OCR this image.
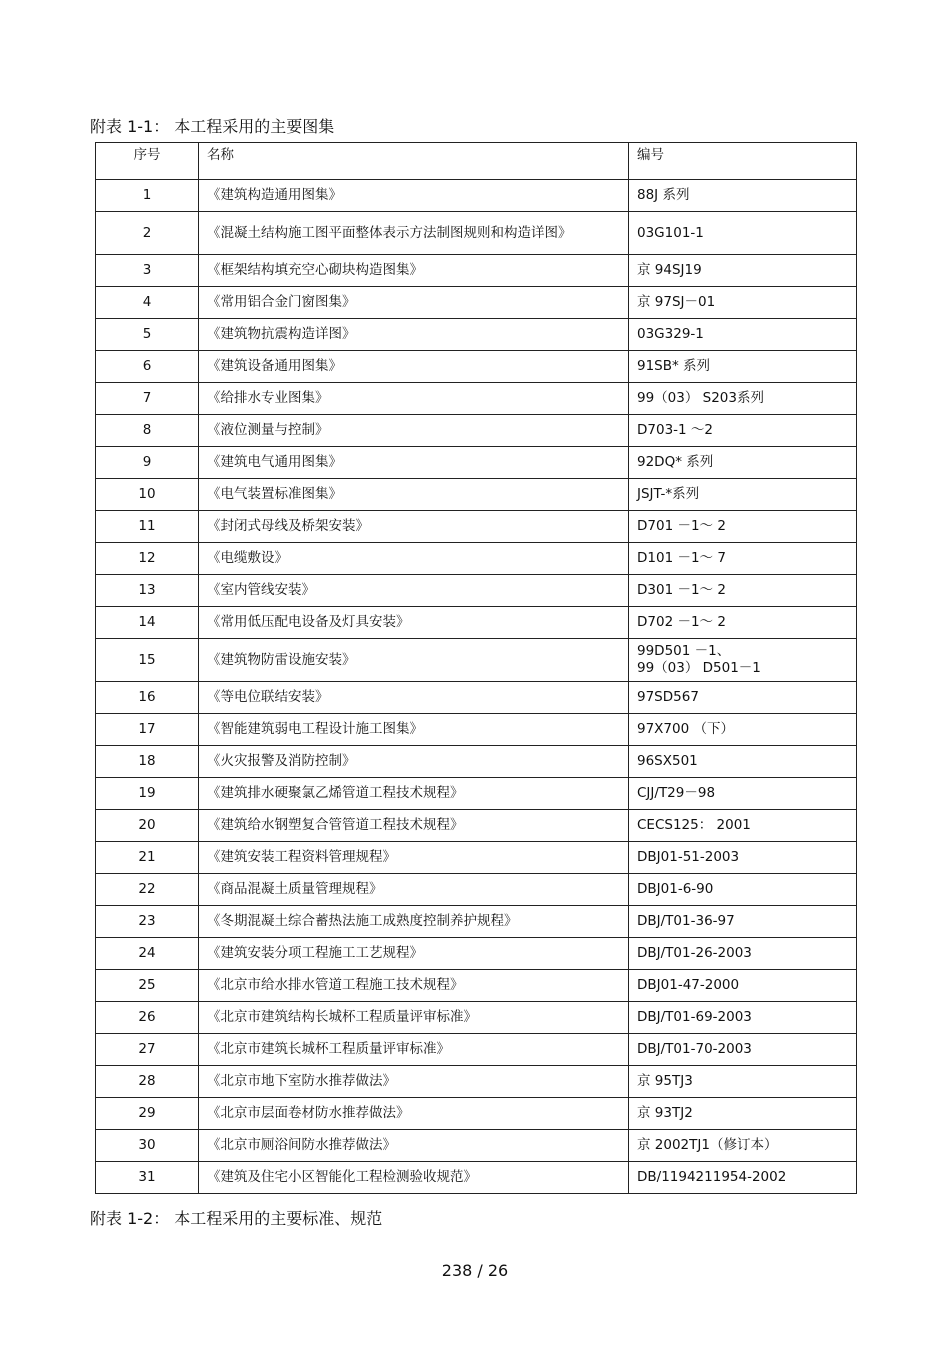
附表 1-1： 本工程采用的主要图集
序号	名称	编号
1	《建筑构造通用图集》	88J 系列
2	《混凝土结构施工图平面整体表示方法制图规则和构造详图》	03G101-1
3	《框架结构填充空心砌块构造图集》	京 94SJ19
4	《常用铝合金门窗图集》	京 97SJ－01
5	《建筑物抗震构造详图》	03G329-1
6	《建筑设备通用图集》	91SB* 系列
7	《给排水专业图集》	99（03） S203系列
8	《液位测量与控制》	D703-1 ～2
9	《建筑电气通用图集》	92DQ* 系列
10	《电气装置标准图集》	JSJT-*系列
11	《封闭式母线及桥架安装》	D701 －1～ 2
12	《电缆敷设》	D101 －1～ 7
13	《室内管线安装》	D301 －1～ 2
14	《常用低压配电设备及灯具安装》	D702 －1～ 2
15	《建筑物防雷设施安装》	99D501 －1、
99（03） D501－1

16	《等电位联结安装》	97SD567
17	《智能建筑弱电工程设计施工图集》	97X700 （下）
18	《火灾报警及消防控制》	96SX501
19	《建筑排水硬聚氯乙烯管道工程技术规程》	CJJ/T29－98
20	《建筑给水钢塑复合管管道工程技术规程》	CECS125： 2001
21	《建筑安装工程资料管理规程》	DBJ01-51-2003
22	《商品混凝土质量管理规程》	DBJ01-6-90
23	《冬期混凝土综合蓄热法施工成熟度控制养护规程》	DBJ/T01-36-97
24	《建筑安装分项工程施工工艺规程》	DBJ/T01-26-2003
25	《北京市给水排水管道工程施工技术规程》	DBJ01-47-2000
26	《北京市建筑结构长城杯工程质量评审标准》	DBJ/T01-69-2003
27	《北京市建筑长城杯工程质量评审标准》	DBJ/T01-70-2003
28	《北京市地下室防水推荐做法》	京 95TJ3
29	《北京市层面卷材防水推荐做法》	京 93TJ2
30	《北京市厕浴间防水推荐做法》	京 2002TJ1（修订本）
31	《建筑及住宅小区智能化工程检测验收规范》	DB/1194211954-2002
附表 1-2： 本工程采用的主要标准、规范
238 / 26
